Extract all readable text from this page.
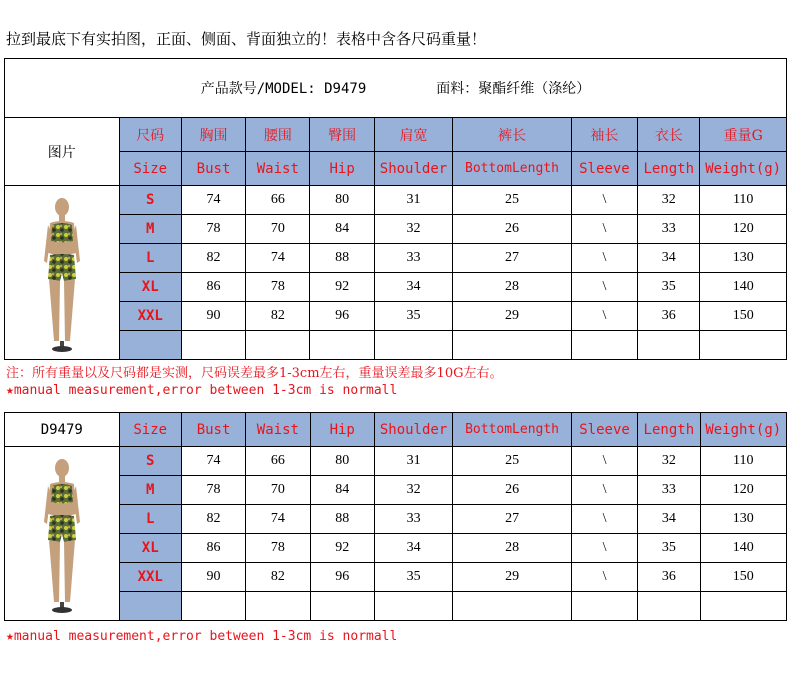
拉到最底下有实拍图，正面、侧面、背面独立的！表格中含各尺码重量！
产品款号/MODEL: D9479 面料：聚酯纤维（涤纶）									

图片	尺码	胸围	腰围	臀围	肩宽	裤长	袖长	衣长	重量G
	Size	Bust	Waist	Hip	Shoulder	BottomLength	Sleeve	Length	Weight(g)

	S	74	66	80	31	25	\	32	110
	M	78	70	84	32	26	\	33	120
	L	82	74	88	33	27	\	34	130
	XL	86	78	92	34	28	\	35	140
	XXL	90	82	96	35	29	\	36	150

注：所有重量以及尺码都是实测，尺码误差最多1-3cm左右，重量误差最多10G左右。
★manual measurement,error between 1-3cm is normall
D9479	Size	Bust	Waist	Hip	Shoulder	BottomLength	Sleeve	Length	Weight(g)

	S	74	66	80	31	25	\	32	110
	M	78	70	84	32	26	\	33	120
	L	82	74	88	33	27	\	34	130
	XL	86	78	92	34	28	\	35	140
	XXL	90	82	96	35	29	\	36	150

★manual measurement,error between 1-3cm is normall
